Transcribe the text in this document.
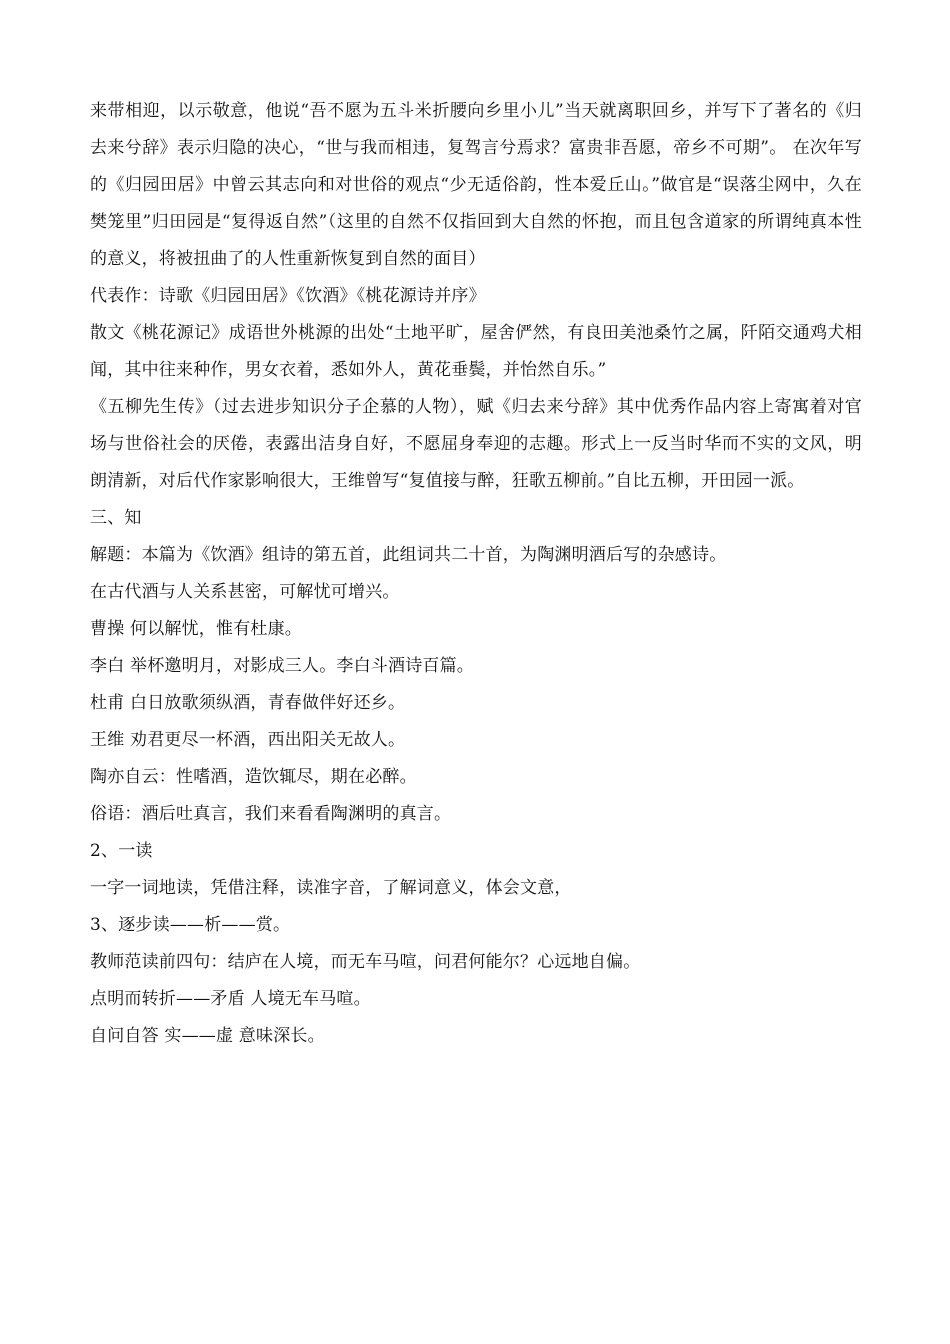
来带相迎，以示敬意，他说“吾不愿为五斗米折腰向乡里小儿”当天就离职回乡，并写下了著名的《归去来兮辞》表示归隐的决心，“世与我而相违，复驾言兮焉求？富贵非吾愿，帝乡不可期”。 在次年写的《归园田居》中曾云其志向和对世俗的观点“少无适俗韵，性本爱丘山。”做官是“误落尘网中，久在樊笼里”归田园是“复得返自然”（这里的自然不仅指回到大自然的怀抱，而且包含道家的所谓纯真本性的意义，将被扭曲了的人性重新恢复到自然的面目）

代表作：诗歌《归园田居》《饮酒》《桃花源诗并序》

散文《桃花源记》成语世外桃源的出处“土地平旷，屋舍俨然，有良田美池桑竹之属，阡陌交通鸡犬相闻，其中往来种作，男女衣着，悉如外人，黄花垂鬓，并怡然自乐。”

《五柳先生传》（过去进步知识分子企慕的人物），赋《归去来兮辞》其中优秀作品内容上寄寓着对官场与世俗社会的厌倦，表露出洁身自好，不愿屈身奉迎的志趣。形式上一反当时华而不实的文风，明朗清新，对后代作家影响很大，王维曾写“复值接与醉，狂歌五柳前。”自比五柳，开田园一派。

三、知

解题：本篇为《饮酒》组诗的第五首，此组词共二十首，为陶渊明酒后写的杂感诗。

在古代酒与人关系甚密，可解忧可增兴。

曹操 何以解忧，惟有杜康。

李白 举杯邀明月，对影成三人。李白斗酒诗百篇。

杜甫 白日放歌须纵酒，青春做伴好还乡。

王维 劝君更尽一杯酒，西出阳关无故人。

陶亦自云：性嗜酒，造饮辄尽，期在必醉。

俗语：酒后吐真言，我们来看看陶渊明的真言。

2、一读

一字一词地读，凭借注释，读准字音，了解词意义，体会文意，

3、逐步读——析——赏。

教师范读前四句：结庐在人境，而无车马喧，问君何能尔？心远地自偏。

点明而转折——矛盾 人境无车马喧。

自问自答 实——虚 意味深长。
